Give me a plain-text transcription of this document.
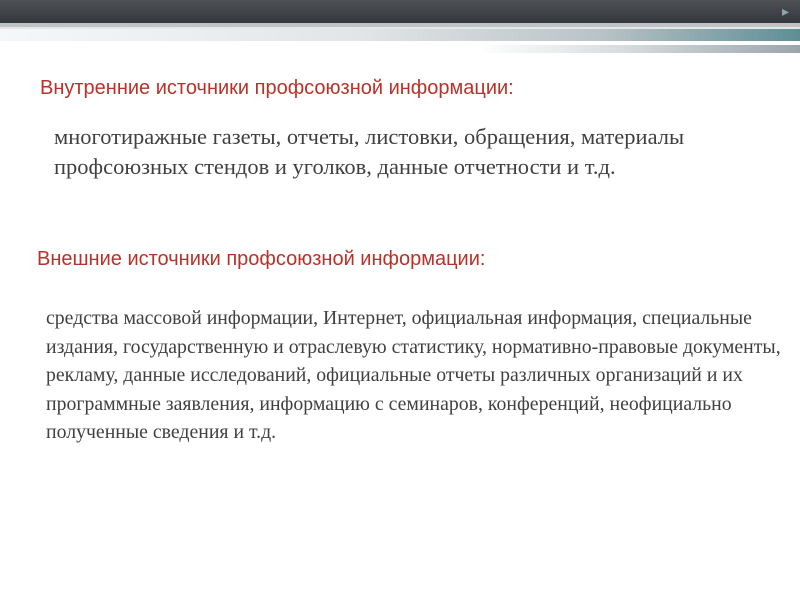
▸
Внутренние источники профсоюзной информации:

многотиражные газеты, отчеты, листовки, обращения, материалы профсоюзных стендов и уголков, данные отчетности и т.д.

Внешние источники профсоюзной информации:

средства массовой информации, Интернет, официальная информация, специальные издания, государственную и отраслевую статистику, нормативно-правовые документы, рекламу, данные исследований, официальные отчеты различных организаций и их программные заявления, информацию с семинаров, конференций, неофициально полученные сведения и т.д.
